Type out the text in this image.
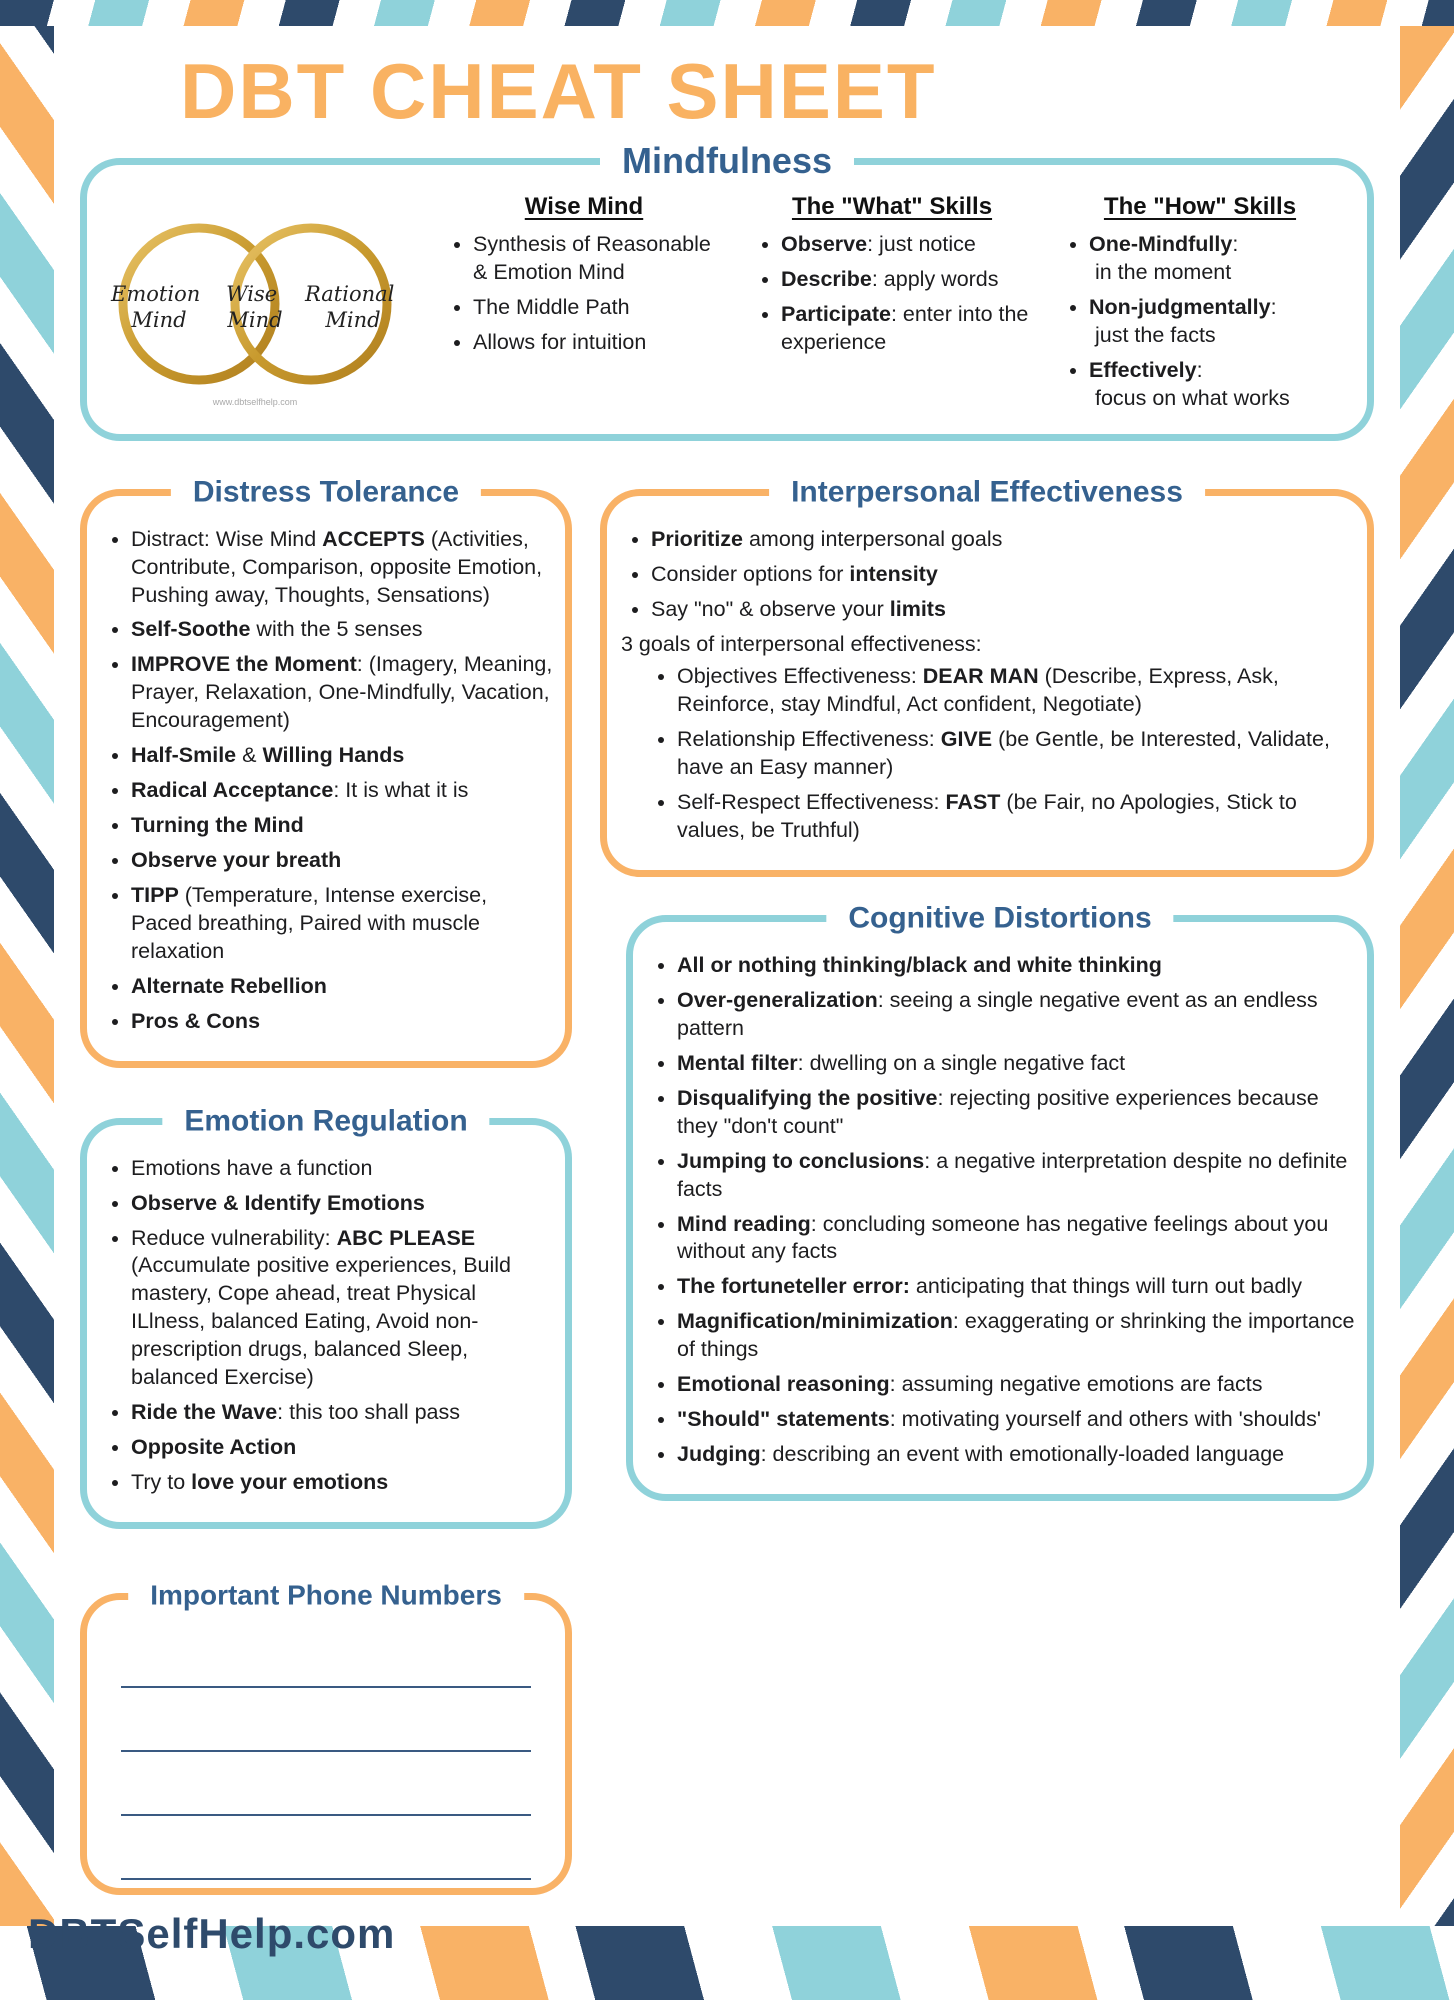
DBT CHEAT SHEET
Mindfulness
Emotion Mind
Wise Mind
Rational Mind
www.dbtselfhelp.com
Wise Mind
• Synthesis of Reasonable & Emotion Mind
• The Middle Path
• Allows for intuition
The "What" Skills
• Observe: just notice
• Describe: apply words
• Participate: enter into the experience
The "How" Skills
• One-Mindfully:
in the moment
• Non-judgmentally:
just the facts
• Effectively:
focus on what works
Distress Tolerance
• Distract: Wise Mind ACCEPTS (Activities, Contribute, Comparison, opposite Emotion, Pushing away, Thoughts, Sensations)
• Self-Soothe with the 5 senses
• IMPROVE the Moment: (Imagery, Meaning, Prayer, Relaxation, One-Mindfully, Vacation, Encouragement)
• Half-Smile & Willing Hands
• Radical Acceptance: It is what it is
• Turning the Mind
• Observe your breath
• TIPP (Temperature, Intense exercise, Paced breathing, Paired with muscle relaxation
• Alternate Rebellion
• Pros & Cons
Emotion Regulation
• Emotions have a function
• Observe & Identify Emotions
• Reduce vulnerability: ABC PLEASE (Accumulate positive experiences, Build mastery, Cope ahead, treat Physical ILlness, balanced Eating, Avoid non-prescription drugs, balanced Sleep, balanced Exercise)
• Ride the Wave: this too shall pass
• Opposite Action
• Try to love your emotions
Important Phone Numbers
Interpersonal Effectiveness
• Prioritize among interpersonal goals
• Consider options for intensity
• Say "no" & observe your limits
3 goals of interpersonal effectiveness:
• Objectives Effectiveness: DEAR MAN (Describe, Express, Ask, Reinforce, stay Mindful, Act confident, Negotiate)
• Relationship Effectiveness: GIVE (be Gentle, be Interested, Validate, have an Easy manner)
• Self-Respect Effectiveness: FAST (be Fair, no Apologies, Stick to values, be Truthful)
Cognitive Distortions
• All or nothing thinking/black and white thinking
• Over-generalization: seeing a single negative event as an endless pattern
• Mental filter: dwelling on a single negative fact
• Disqualifying the positive: rejecting positive experiences because they "don't count"
• Jumping to conclusions: a negative interpretation despite no definite facts
• Mind reading: concluding someone has negative feelings about you without any facts
• The fortuneteller error: anticipating that things will turn out badly
• Magnification/minimization: exaggerating or shrinking the importance of things
• Emotional reasoning: assuming negative emotions are facts
• "Should" statements: motivating yourself and others with 'shoulds'
• Judging: describing an event with emotionally-loaded language
DBTSelfHelp.com
